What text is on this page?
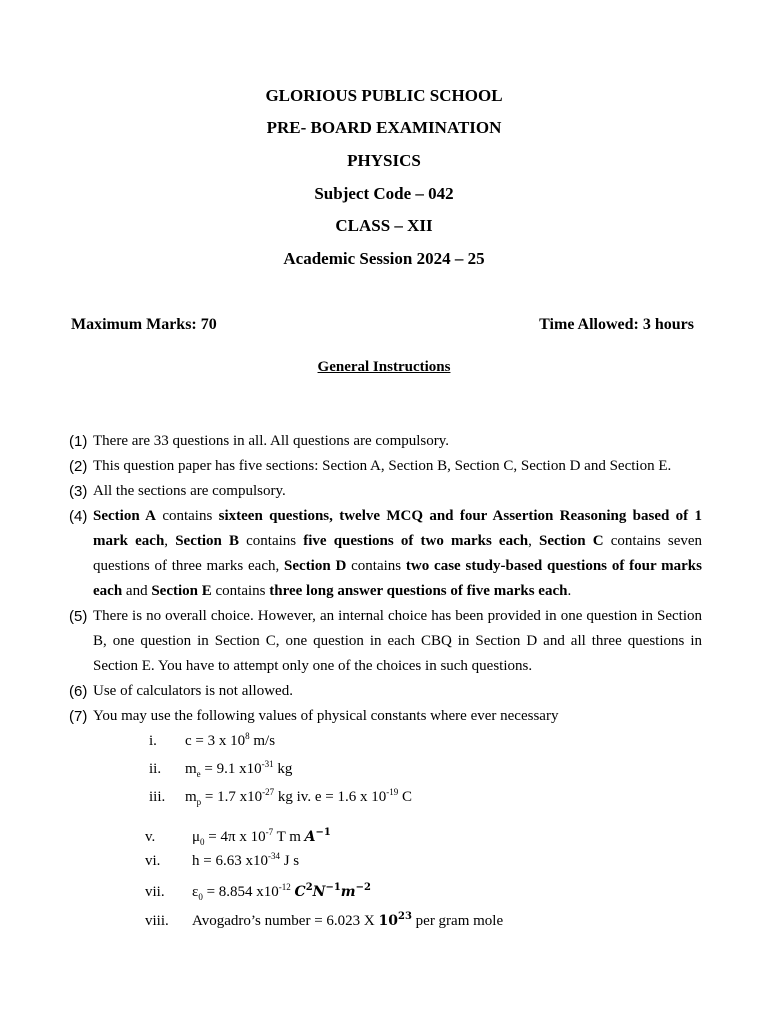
GLORIOUS PUBLIC SCHOOL
PRE- BOARD EXAMINATION
PHYSICS
Subject Code – 042
CLASS – XII
Academic Session 2024 – 25
Maximum Marks: 70	Time Allowed: 3 hours
General Instructions
(1) There are 33 questions in all. All questions are compulsory.
(2) This question paper has five sections: Section A, Section B, Section C, Section D and Section E.
(3) All the sections are compulsory.
(4) Section A contains sixteen questions, twelve MCQ and four Assertion Reasoning based of 1 mark each, Section B contains five questions of two marks each, Section C contains seven questions of three marks each, Section D contains two case study-based questions of four marks each and Section E contains three long answer questions of five marks each.
(5) There is no overall choice. However, an internal choice has been provided in one question in Section B, one question in Section C, one question in each CBQ in Section D and all three questions in Section E. You have to attempt only one of the choices in such questions.
(6) Use of calculators is not allowed.
(7) You may use the following values of physical constants where ever necessary
i. c = 3 x $10^8$ m/s
ii. $m_e = 9.1$ $x10^{-31}$ kg
iii. $m_p = 1.7$ $x10^{-27}$ kg iv. e = 1.6 x $10^{-19}$ C
v. $\mu_0 = 4\pi$ x $10^{-7}$ T m $A^{-1}$
vi. h = 6.63 $x10^{-34}$ J s
vii. $\varepsilon_0 = 8.854$ $x10^{-12}$ $C^2N^{-1}m^{-2}$
viii. Avogadro’s number = 6.023 X $10^{23}$ per gram mole
